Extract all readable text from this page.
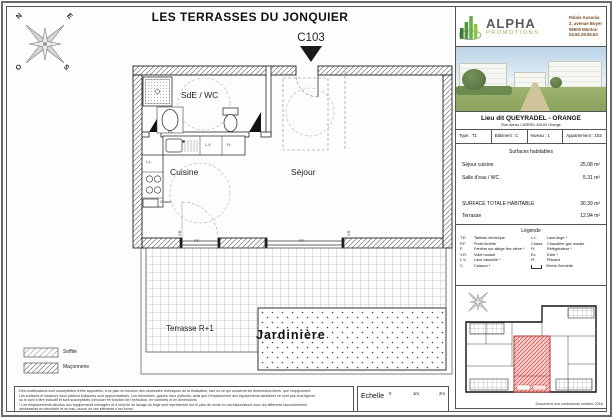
LES TERRASSES DU JONQUIER
C103
N	E
S
O
SdE / WC
Cuisine	Séjour
Terrasse R+1	Jardinière
Ev.
L.V.	Fr.
L.L.
Chaud.
P.F.	P.F.
V.R.	V.R.
Soffite
Maçonnerie
Des modifications sont susceptibles d'être apportées, à ce plan en fonction des nécessités techniques de la réalisation, tant en ce qui concerne les dimensions libres, que l'équipement.
Les surfaces et hauteurs sous plafond indiquées sont approximatives. Les retombées, gaines, faux plafonds, ainsi que l'emplacement des équipements sanitaires ne sont pas tous figurés
ou le sont à titre indicatif et sont susceptibles d'évoluer en fonction de l'exécution, en nombres et en dimensions.
* Les emplacements dévolus aux équipements ménagers et à celui lié au lavage du linge sont représentés sur le plan de vente en correspondance avec les différents raccordements
nécessaires en électricité et en eau, aucun de ces éléments n'est fourni.
Echelle 0	1m	2m
ALPHA
PROMOTIONS
Palais Ausonia
2, avenue Boyer
06500 Menton
04.92.29.05.63
Lieu dit QUEYRADEL - ORANGE
Rue Alexis CARREL 84100 Orange
Type : T1	Bâtiment : C	Niveau : 1	Appartement : 103
Surfaces habitables
Séjour cuisine	25.08 m²
Salle d'eau / WC	5.31 m²
SURFACE TOTALE HABITABLE	30.39 m²
Terrasse	12.94 m²
Légende
T.E.	Tableau électrique
P.F.	Porte-fenêtre
F.	Fenêtre sur allège fixe vitrée *
V.R.	Volet roulant
L.V.	Lave vaisselle *
C.	Caisson *
L.L.	Lave-linge *
Chaud. Chaudière gaz murale
Fr.	Réfrigérateur *
Ev.	Evier *
Pl.	Placard
Sèche-Serviette
Document non contractuel octobre 2016
